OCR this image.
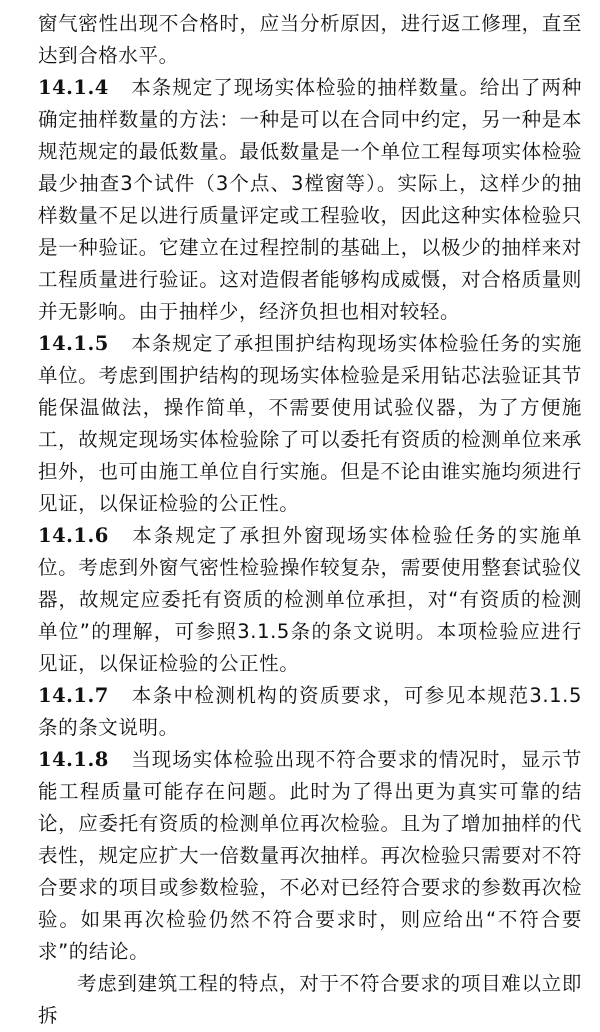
窗气密性出现不合格时，应当分析原因，进行返工修理，直至达到合格水平。

14.1.4 本条规定了现场实体检验的抽样数量。给出了两种确定抽样数量的方法：一种是可以在合同中约定，另一种是本规范规定的最低数量。最低数量是一个单位工程每项实体检验最少抽查3个试件（3个点、3樘窗等）。实际上，这样少的抽样数量不足以进行质量评定或工程验收，因此这种实体检验只是一种验证。它建立在过程控制的基础上，以极少的抽样来对工程质量进行验证。这对造假者能够构成威慑，对合格质量则并无影响。由于抽样少，经济负担也相对较轻。

14.1.5 本条规定了承担围护结构现场实体检验任务的实施单位。考虑到围护结构的现场实体检验是采用钻芯法验证其节能保温做法，操作简单，不需要使用试验仪器，为了方便施工，故规定现场实体检验除了可以委托有资质的检测单位来承担外，也可由施工单位自行实施。但是不论由谁实施均须进行见证，以保证检验的公正性。

14.1.6 本条规定了承担外窗现场实体检验任务的实施单位。考虑到外窗气密性检验操作较复杂，需要使用整套试验仪器，故规定应委托有资质的检测单位承担，对“有资质的检测单位”的理解，可参照3.1.5条的条文说明。本项检验应进行见证，以保证检验的公正性。

14.1.7 本条中检测机构的资质要求，可参见本规范3.1.5条的条文说明。

14.1.8 当现场实体检验出现不符合要求的情况时，显示节能工程质量可能存在问题。此时为了得出更为真实可靠的结论，应委托有资质的检测单位再次检验。且为了增加抽样的代表性，规定应扩大一倍数量再次抽样。再次检验只需要对不符合要求的项目或参数检验，不必对已经符合要求的参数再次检验。如果再次检验仍然不符合要求时，则应给出“不符合要求”的结论。

考虑到建筑工程的特点，对于不符合要求的项目难以立即拆
